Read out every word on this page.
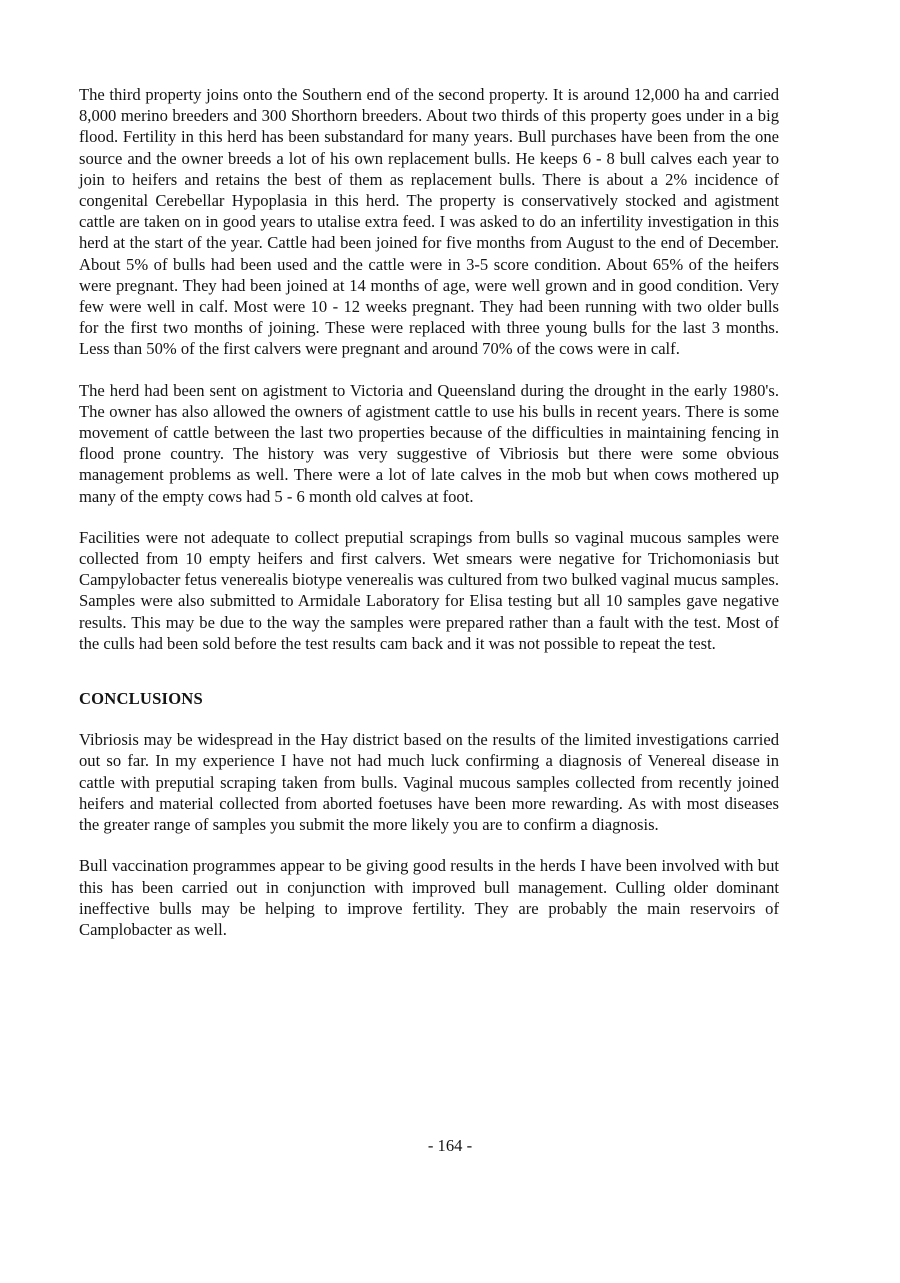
The third property joins onto the Southern end of the second property. It is around 12,000 ha and carried 8,000 merino breeders and 300 Shorthorn breeders. About two thirds of this property goes under in a big flood. Fertility in this herd has been substandard for many years. Bull purchases have been from the one source and the owner breeds a lot of his own replacement bulls. He keeps 6 - 8 bull calves each year to join to heifers and retains the best of them as replacement bulls. There is about a 2% incidence of congenital Cerebellar Hypoplasia in this herd. The property is conservatively stocked and agistment cattle are taken on in good years to utalise extra feed. I was asked to do an infertility investigation in this herd at the start of the year. Cattle had been joined for five months from August to the end of December. About 5% of bulls had been used and the cattle were in 3-5 score condition. About 65% of the heifers were pregnant. They had been joined at 14 months of age, were well grown and in good condition. Very few were well in calf. Most were 10 - 12 weeks pregnant. They had been running with two older bulls for the first two months of joining. These were replaced with three young bulls for the last 3 months. Less than 50% of the first calvers were pregnant and around 70% of the cows were in calf.

The herd had been sent on agistment to Victoria and Queensland during the drought in the early 1980's. The owner has also allowed the owners of agistment cattle to use his bulls in recent years. There is some movement of cattle between the last two properties because of the difficulties in maintaining fencing in flood prone country. The history was very suggestive of Vibriosis but there were some obvious management problems as well. There were a lot of late calves in the mob but when cows mothered up many of the empty cows had 5 - 6 month old calves at foot.

Facilities were not adequate to collect preputial scrapings from bulls so vaginal mucous samples were collected from 10 empty heifers and first calvers. Wet smears were negative for Trichomoniasis but Campylobacter fetus venerealis biotype venerealis was cultured from two bulked vaginal mucus samples. Samples were also submitted to Armidale Laboratory for Elisa testing but all 10 samples gave negative results. This may be due to the way the samples were prepared rather than a fault with the test. Most of the culls had been sold before the test results cam back and it was not possible to repeat the test.

CONCLUSIONS

Vibriosis may be widespread in the Hay district based on the results of the limited investigations carried out so far. In my experience I have not had much luck confirming a diagnosis of Venereal disease in cattle with preputial scraping taken from bulls. Vaginal mucous samples collected from recently joined heifers and material collected from aborted foetuses have been more rewarding. As with most diseases the greater range of samples you submit the more likely you are to confirm a diagnosis.

Bull vaccination programmes appear to be giving good results in the herds I have been involved with but this has been carried out in conjunction with improved bull management. Culling older dominant ineffective bulls may be helping to improve fertility. They are probably the main reservoirs of Camplobacter as well.

- 164 -
